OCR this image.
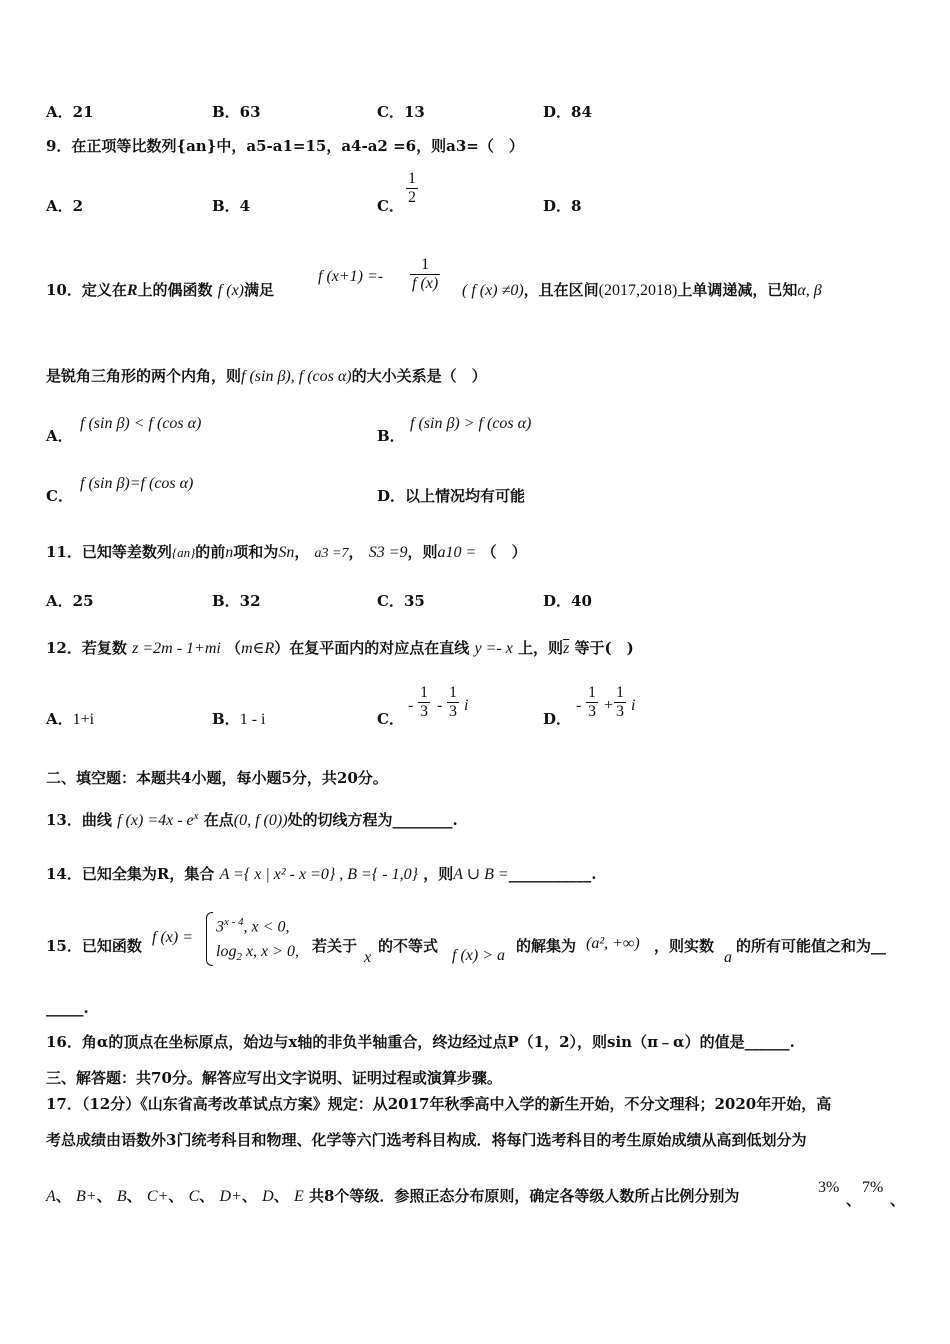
A．21	B．63	C．13	D．84
9．在正项等比数列{an}中，a5-a1=15，a4-a2 =6，则a3=（　）
A．2	B．4	C． $\frac{1}{2}$	D．8
10．定义在R上的偶函数 f (x)满足
f $(x+1) =- \frac{1}{f (x)}$ ( f (x) ≠0)，且在区间(2017,2018)上单调递减，已知α, β
是锐角三角形的两个内角，则f (sin β), f (cos α)的大小关系是（　）
A．
f (sin β) < f (cos α)
B．
f (sin β) > f (cos α)
C．
f (sin β)=f (cos α)
D．以上情况均有可能
11．已知等差数列{an}的前n项和为Sn， a3 =7， S3 =9，则a10 = （　）
A．25	B．32	C．35	D．40
12．若复数 z =2m - 1+mi （m∈R）在复平面内的对应点在直线 y =- x 上，则$\overline{z}$ 等于(　)
A．1+i	B．1 - i	C．
- $\frac{1}{3} - \frac{1}{3}$ i
D．
- $\frac{1}{3} + \frac{1}{3}$ i
二、填空题：本题共4小题，每小题5分，共20分。
13．曲线 f $(x) =4x - e^x$ 在点(0, f (0))处的切线方程为________.
14．已知全集为R，集合 A ={ x | x² - x =0} , B ={ - 1,0} ，则A ∪ B =___________.
15．已知函数 f (x) =
$3^{x - 4}$, x < 0,
$\log_2 x$, x > 0, 若关于
x
的不等式
f (x) > a
的解集为 (a², +∞) ，则实数
a
的所有可能值之和为__
_____.
16．角α的顶点在坐标原点，始边与x轴的非负半轴重合，终边经过点P（1，2），则sin（π﹣α）的值是______.
三、解答题：共70分。解答应写出文字说明、证明过程或演算步骤。
17．（12分）《山东省高考改革试点方案》规定：从2017年秋季高中入学的新生开始，不分文理科；2020年开始，高
考总成绩由语数外3门统考科目和物理、化学等六门选考科目构成．将每门选考科目的考生原始成绩从高到低划分为
A、 B+、 B、 C+、 C、 D+、 D、 E 共8个等级．参照正态分布原则，确定各等级人数所占比例分别为	3%
、
7%
、
